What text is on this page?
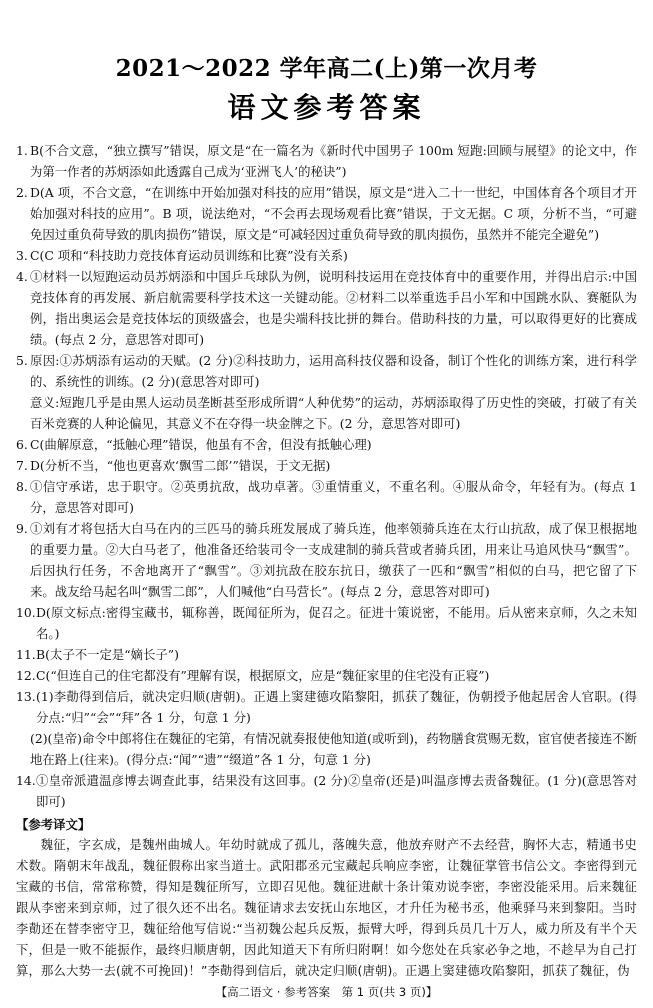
2021～2022 学年高二(上)第一次月考
语文参考答案

1. B(不合文意，“独立撰写”错误，原文是“在一篇名为《新时代中国男子 100m 短跑:回顾与展望》的论文中，作为第一作者的苏炳添如此透露自己成为‘亚洲飞人’的秘诀”)

2. D(A 项，不合文意，“在训练中开始加强对科技的应用”错误，原文是“进入二十一世纪，中国体育各个项目才开始加强对科技的应用”。B 项，说法绝对，“不会再去现场观看比赛”错误，于文无据。C 项，分析不当，“可避免因过重负荷导致的肌肉损伤”错误，原文是“可减轻因过重负荷导致的肌肉损伤，虽然并不能完全避免”)

3. C(C 项和“科技助力竞技体育运动员训练和比赛”没有关系)

4. ①材料一以短跑运动员苏炳添和中国乒乓球队为例，说明科技运用在竞技体育中的重要作用，并得出启示:中国竞技体育的再发展、新启航需要科学技术这一关键动能。②材料二以举重选手吕小军和中国跳水队、赛艇队为例，指出奥运会是竞技体坛的顶级盛会，也是尖端科技比拼的舞台。借助科技的力量，可以取得更好的比赛成绩。(每点 2 分，意思答对即可)

5. 原因:①苏炳添有运动的天赋。(2 分)②科技助力，运用高科技仪器和设备，制订个性化的训练方案，进行科学的、系统性的训练。(2 分)(意思答对即可)

意义:短跑几乎是由黑人运动员垄断甚至形成所谓“人种优势”的运动，苏炳添取得了历史性的突破，打破了有关百米竞赛的人种论偏见，其意义不在夺得一块金牌之下。(2 分，意思答对即可)

6. C(曲解原意，“抵触心理”错误，他虽有不舍，但没有抵触心理)

7. D(分析不当，“他也更喜欢‘飘雪二郎’”错误，于文无据)

8. ①信守承诺，忠于职守。②英勇抗敌，战功卓著。③重情重义，不重名利。④服从命令，年轻有为。(每点 1 分，意思答对即可)

9. ①刘有才将包括大白马在内的三匹马的骑兵班发展成了骑兵连，他率领骑兵连在太行山抗敌，成了保卫根据地的重要力量。②大白马老了，他准备还给装司令一支成建制的骑兵营或者骑兵团，用来让马追风快马“飘雪”。后因执行任务，不舍地离开了“飘雪”。③刘抗敌在胶东抗日，缴获了一匹和“飘雪”相似的白马，把它留了下来。战友给马起名叫“飘雪二郎”，人们喊他“白马营长”。(每点 2 分，意思答对即可)

10. D(原文标点:密得宝藏书，辄称善，既闻征所为，促召之。征进十策说密，不能用。后从密来京师，久之未知名。)

11. B(太子不一定是“嫡长子”)

12. C(“但连自己的住宅都没有”理解有误，根据原文，应是“魏征家里的住宅没有正寝”)

13. (1)李勣得到信后，就决定归顺(唐朝)。正遇上窦建德攻陷黎阳，抓获了魏征，伪朝授予他起居舍人官职。(得分点:“归”“会”“拜”各 1 分，句意 1 分)

(2)(皇帝)命令中郎将住在魏征的宅第，有情况就奏报使他知道(或听到)，药物膳食赏赐无数，宦官使者接连不断地在路上(往来)。(得分点:“闻”“遗”“缀道”各 1 分，句意 1 分)

14. ①皇帝派遣温彦博去调查此事，结果没有这回事。(2 分)②皇帝(还是)叫温彦博去责备魏征。(1 分)(意思答对即可)

【参考译文】

魏征，字玄成，是魏州曲城人。年幼时就成了孤儿，落魄失意，他放弃财产不去经营，胸怀大志，精通书史术数。隋朝末年战乱，魏征假称出家当道士。武阳郡丞元宝藏起兵响应李密，让魏征掌管书信公文。李密得到元宝藏的书信，常常称赞，得知是魏征所写，立即召见他。魏征进献十条计策劝说李密，李密没能采用。后来魏征跟从李密来到京师，过了很久还不出名。魏征请求去安抚山东地区，才升任为秘书丞，他乘驿马来到黎阳。当时李勣还在替李密守卫，魏征给他写信说:“当初魏公起兵反叛，振臂大呼，得到兵员几十万人，威力所及有半个天下，但是一败不能振作，最终归顺唐朝，因此知道天下有所归附啊！如今您处在兵家必争之地，不趁早为自己打算，那么大势一去(就不可挽回)！”李勣得到信后，就决定归顺(唐朝)。正遇上窦建德攻陷黎阳，抓获了魏征，伪

【高二语文 · 参考答案　第 1 页(共 3 页)】
